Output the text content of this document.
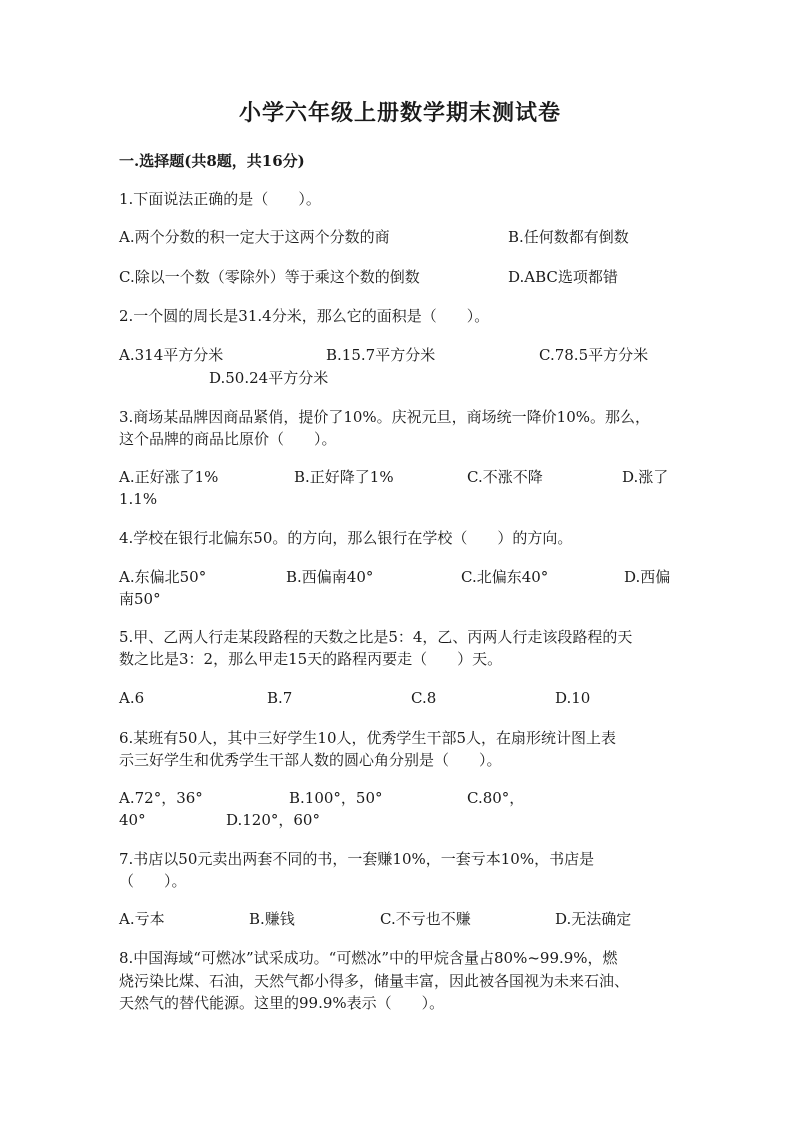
小学六年级上册数学期末测试卷
一.选择题(共8题，共16分)
1.下面说法正确的是（　　）。
A.两个分数的积一定大于这两个分数的商	B.任何数都有倒数
C.除以一个数（零除外）等于乘这个数的倒数	D.ABC选项都错
2.一个圆的周长是31.4分米，那么它的面积是（　　）。
A.314平方分米	B.15.7平方分米	C.78.5平方分米
D.50.24平方分米
3.商场某品牌因商品紧俏，提价了10%。庆祝元旦，商场统一降价10%。那么，
这个品牌的商品比原价（　　）。
A.正好涨了1%	B.正好降了1%	C.不涨不降	D.涨了
1.1%
4.学校在银行北偏东50。的方向，那么银行在学校（　　）的方向。
A.东偏北50°	B.西偏南40°	C.北偏东40°	D.西偏
南50°
5.甲、乙两人行走某段路程的天数之比是5：4，乙、丙两人行走该段路程的天
数之比是3：2，那么甲走15天的路程丙要走（　　）天。
A.6	B.7	C.8	D.10
6.某班有50人，其中三好学生10人，优秀学生干部5人，在扇形统计图上表
示三好学生和优秀学生干部人数的圆心角分别是（　　）。
A.72°，36°	B.100°，50°	C.80°，
40°	D.120°，60°
7.书店以50元卖出两套不同的书，一套赚10%，一套亏本10%，书店是
（　　）。
A.亏本	B.赚钱	C.不亏也不赚	D.无法确定
8.中国海域“可燃冰”试采成功。“可燃冰”中的甲烷含量占80%~99.9%，燃
烧污染比煤、石油，天然气都小得多，储量丰富，因此被各国视为未来石油、
天然气的替代能源。这里的99.9%表示（　　）。
